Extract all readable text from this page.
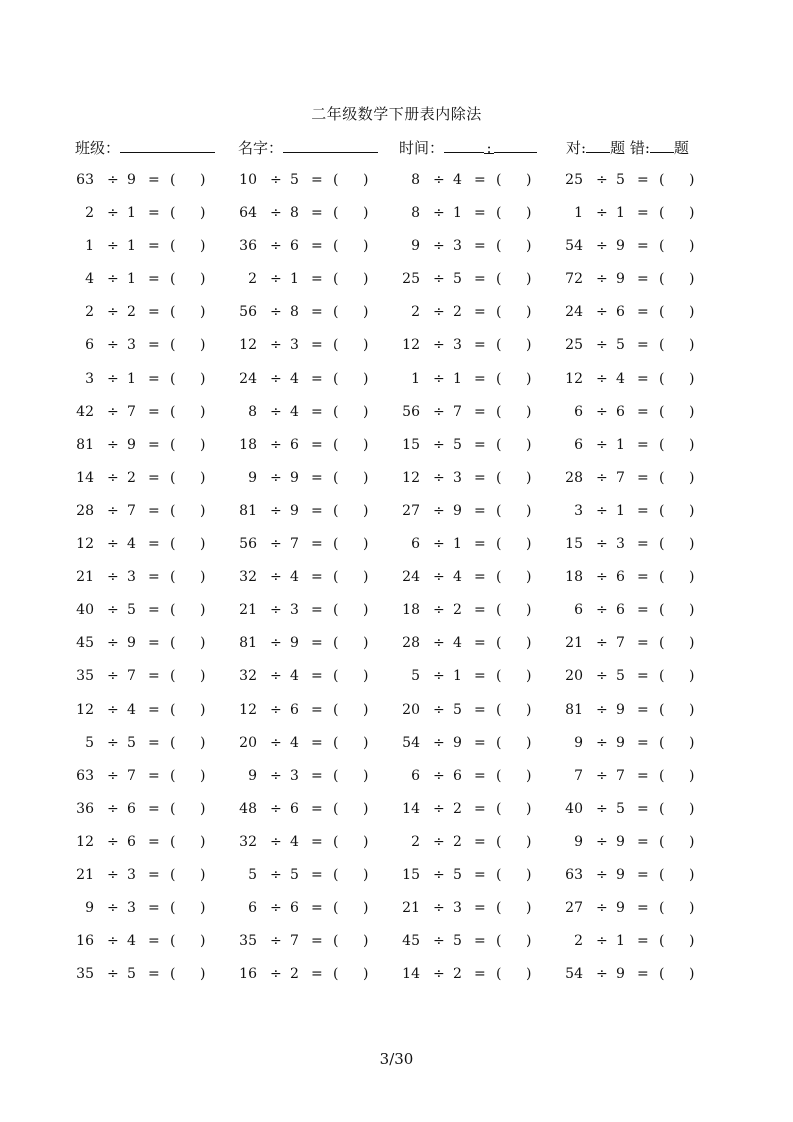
二年级数学下册表内除法
班级：	名字：	时间：	:	对: 题 错: 题
63 ÷ 9 = ( ) 10 ÷ 5 = ( )	8 ÷ 4 = ( ) 25 ÷ 5 = ( )
2 ÷ 1 = ( ) 64 ÷ 8 = ( )	8 ÷ 1 = ( )	1 ÷ 1 = ( )
1 ÷ 1 = ( ) 36 ÷ 6 = ( )	9 ÷ 3 = ( ) 54 ÷ 9 = ( )
4 ÷ 1 = ( )	2 ÷ 1 = ( ) 25 ÷ 5 = ( ) 72 ÷ 9 = ( )
2 ÷ 2 = ( ) 56 ÷ 8 = ( )	2 ÷ 2 = ( ) 24 ÷ 6 = ( )
6 ÷ 3 = ( ) 12 ÷ 3 = ( ) 12 ÷ 3 = ( ) 25 ÷ 5 = ( )
3 ÷ 1 = ( ) 24 ÷ 4 = ( )	1 ÷ 1 = ( ) 12 ÷ 4 = ( )
42 ÷ 7 = ( )	8 ÷ 4 = ( ) 56 ÷ 7 = ( )	6 ÷ 6 = ( )
81 ÷ 9 = ( ) 18 ÷ 6 = ( ) 15 ÷ 5 = ( )	6 ÷ 1 = ( )
14 ÷ 2 = ( )	9 ÷ 9 = ( ) 12 ÷ 3 = ( ) 28 ÷ 7 = ( )
28 ÷ 7 = ( ) 81 ÷ 9 = ( ) 27 ÷ 9 = ( )	3 ÷ 1 = ( )
12 ÷ 4 = ( ) 56 ÷ 7 = ( )	6 ÷ 1 = ( ) 15 ÷ 3 = ( )
21 ÷ 3 = ( ) 32 ÷ 4 = ( ) 24 ÷ 4 = ( ) 18 ÷ 6 = ( )
40 ÷ 5 = ( ) 21 ÷ 3 = ( ) 18 ÷ 2 = ( )	6 ÷ 6 = ( )
45 ÷ 9 = ( ) 81 ÷ 9 = ( ) 28 ÷ 4 = ( ) 21 ÷ 7 = ( )
35 ÷ 7 = ( ) 32 ÷ 4 = ( )	5 ÷ 1 = ( ) 20 ÷ 5 = ( )
12 ÷ 4 = ( ) 12 ÷ 6 = ( ) 20 ÷ 5 = ( ) 81 ÷ 9 = ( )
5 ÷ 5 = ( ) 20 ÷ 4 = ( ) 54 ÷ 9 = ( )	9 ÷ 9 = ( )
63 ÷ 7 = ( )	9 ÷ 3 = ( )	6 ÷ 6 = ( )	7 ÷ 7 = ( )
36 ÷ 6 = ( ) 48 ÷ 6 = ( ) 14 ÷ 2 = ( ) 40 ÷ 5 = ( )
12 ÷ 6 = ( ) 32 ÷ 4 = ( )	2 ÷ 2 = ( )	9 ÷ 9 = ( )
21 ÷ 3 = ( )	5 ÷ 5 = ( ) 15 ÷ 5 = ( ) 63 ÷ 9 = ( )
9 ÷ 3 = ( )	6 ÷ 6 = ( ) 21 ÷ 3 = ( ) 27 ÷ 9 = ( )
16 ÷ 4 = ( ) 35 ÷ 7 = ( ) 45 ÷ 5 = ( )	2 ÷ 1 = ( )
35 ÷ 5 = ( ) 16 ÷ 2 = ( ) 14 ÷ 2 = ( ) 54 ÷ 9 = ( )
3/30
